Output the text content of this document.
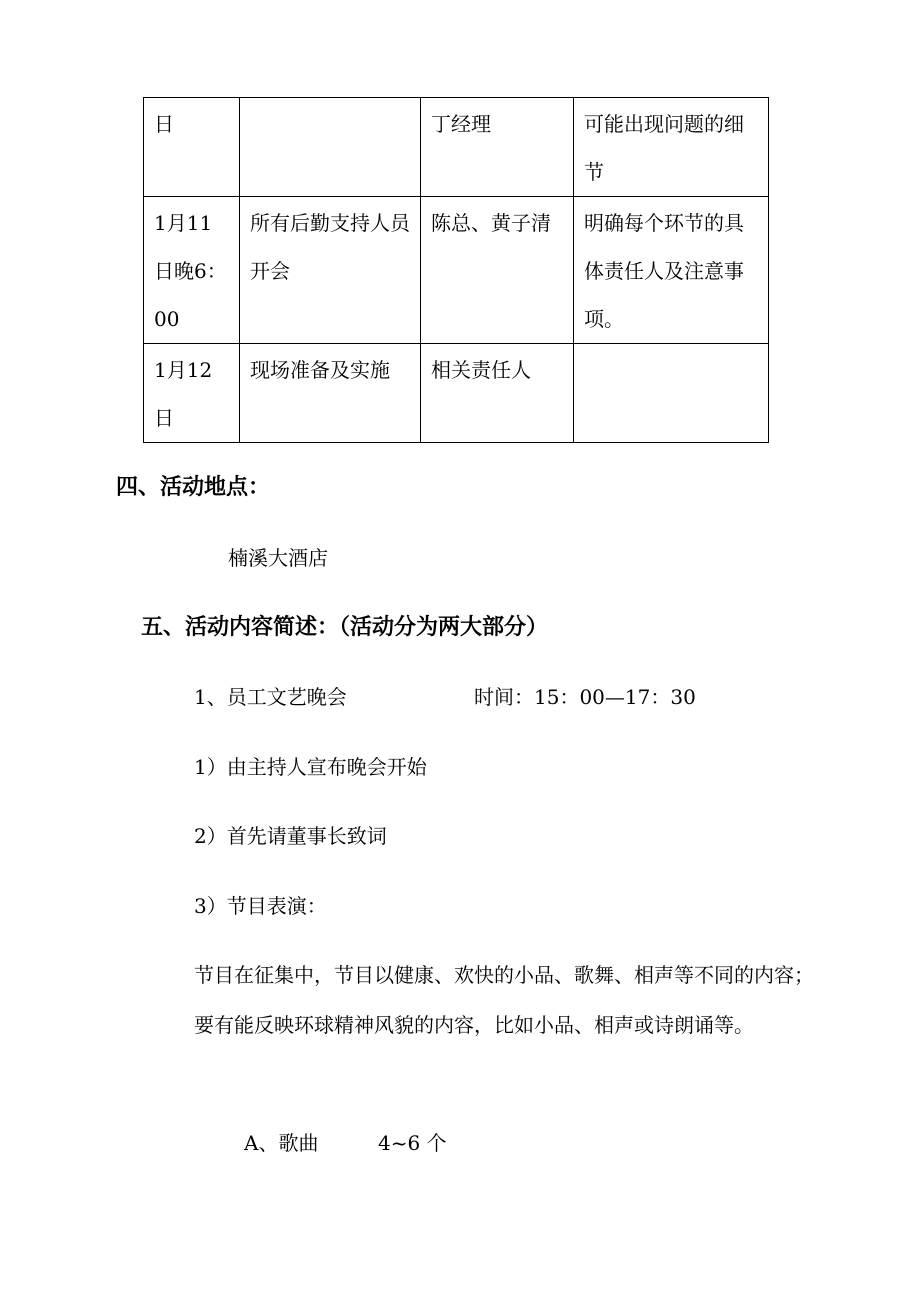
日		丁经理	可能出现问题的细节
1月11日晚6：00	所有后勤支持人员开会	陈总、黄子清	明确每个环节的具体责任人及注意事项。
1月12日	现场准备及实施	相关责任人	
四、活动地点：
楠溪大酒店
五、活动内容简述：（活动分为两大部分）
1、员工文艺晚会	时间：15：00—17：30
1）由主持人宣布晚会开始
2）首先请董事长致词
3）节目表演：
节目在征集中，节目以健康、欢快的小品、歌舞、相声等不同的内容；要有能反映环球精神风貌的内容，比如小品、相声或诗朗诵等。
A、歌曲	4~6 个
